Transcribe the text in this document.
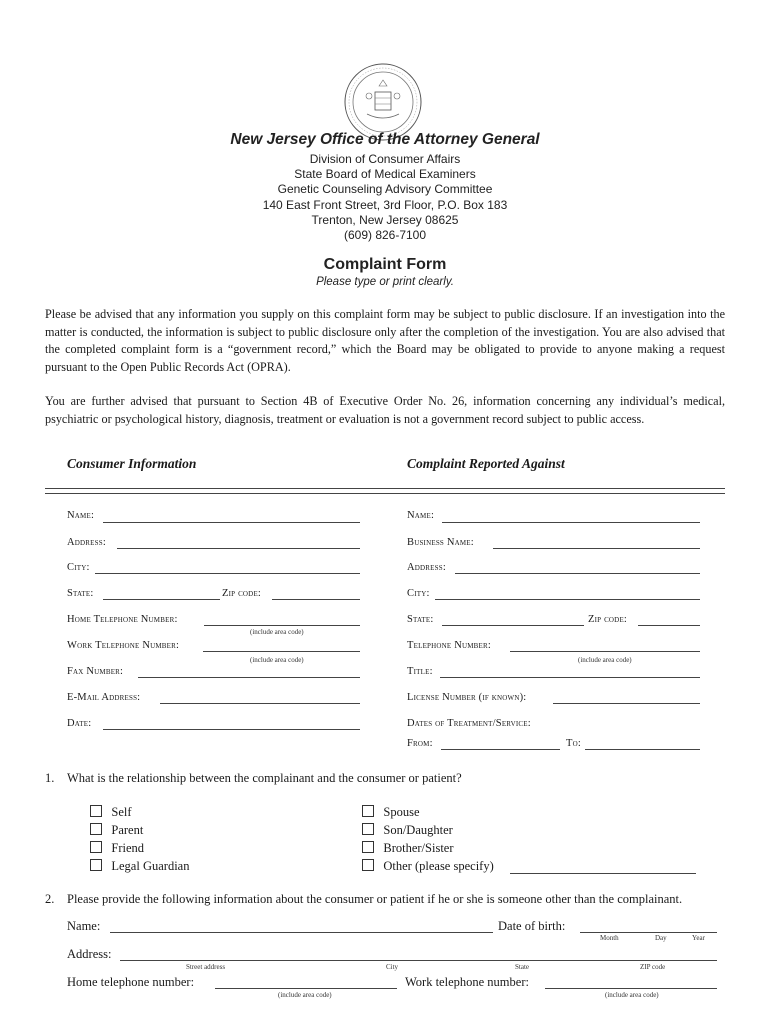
New Jersey Office of the Attorney General
Division of Consumer Affairs
State Board of Medical Examiners
Genetic Counseling Advisory Committee
140 East Front Street, 3rd Floor, P.O. Box 183
Trenton, New Jersey 08625
(609) 826-7100
Complaint Form
Please type or print clearly.
Please be advised that any information you supply on this complaint form may be subject to public disclosure. If an investigation into the matter is conducted, the information is subject to public disclosure only after the completion of the investigation. You are also advised that the completed complaint form is a “government record,” which the Board may be obligated to provide to anyone making a request pursuant to the Open Public Records Act (OPRA).
You are further advised that pursuant to Section 4B of Executive Order No. 26, information concerning any individual’s medical, psychiatric or psychological history, diagnosis, treatment or evaluation is not a government record subject to public access.
Consumer Information	Complaint Reported Against
Name:
Address:
City:
State:	Zip code:
Home Telephone Number:
(include area code)
Work Telephone Number:
(include area code)
Fax Number:
E-Mail Address:
Date:
Name:
Business Name:
Address:
City:
State:	Zip code:
Telephone Number:
(include area code)
Title:
License Number (if known):
Dates of Treatment/Service:
From:	To:
1. What is the relationship between the complainant and the consumer or patient?
Self
Parent
Friend
Legal Guardian
Spouse
Son/Daughter
Brother/Sister
Other (please specify)
2. Please provide the following information about the consumer or patient if he or she is someone other than the complainant.
Name:	Date of birth:
Month	Day	Year
Address:
Street address	City	State	ZIP code
Home telephone number:
(include area code)
Work telephone number:
(include area code)
